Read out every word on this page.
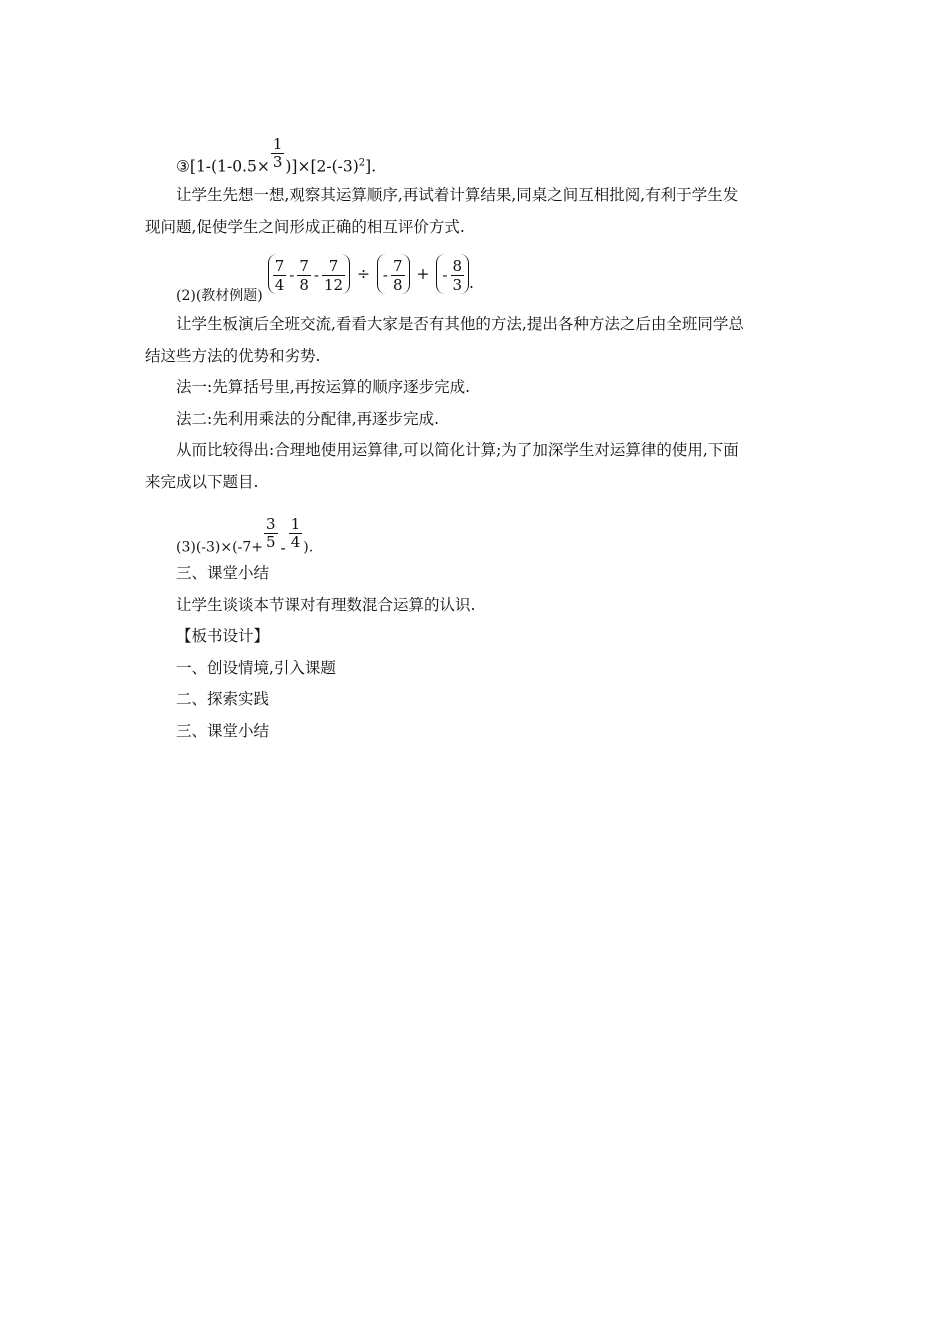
③[1-(1-0.5× $\frac{1}{3} )]\times[2-(-3)^2]$.
让学生先想一想,观察其运算顺序,再试着计算结果,同桌之间互相批阅,有利于学生发
现问题,促使学生之间形成正确的相互评价方式.
(2)(教材例题)
$\frac{7}{4} - \frac{7}{8} - \frac{7}{12}$ ÷ - $\frac{7}{8}$ + - $\frac{8}{3}$ .
让学生板演后全班交流,看看大家是否有其他的方法,提出各种方法之后由全班同学总
结这些方法的优势和劣势.
法一:先算括号里,再按运算的顺序逐步完成.
法二:先利用乘法的分配律,再逐步完成.
从而比较得出:合理地使用运算律,可以简化计算;为了加深学生对运算律的使用,下面
来完成以下题目.
$(3)(-3)\times(-7+ \frac{3}{5} - \frac{1}{4}$ ).
三、课堂小结
让学生谈谈本节课对有理数混合运算的认识.
【板书设计】
一、创设情境,引入课题
二、探索实践
三、课堂小结
